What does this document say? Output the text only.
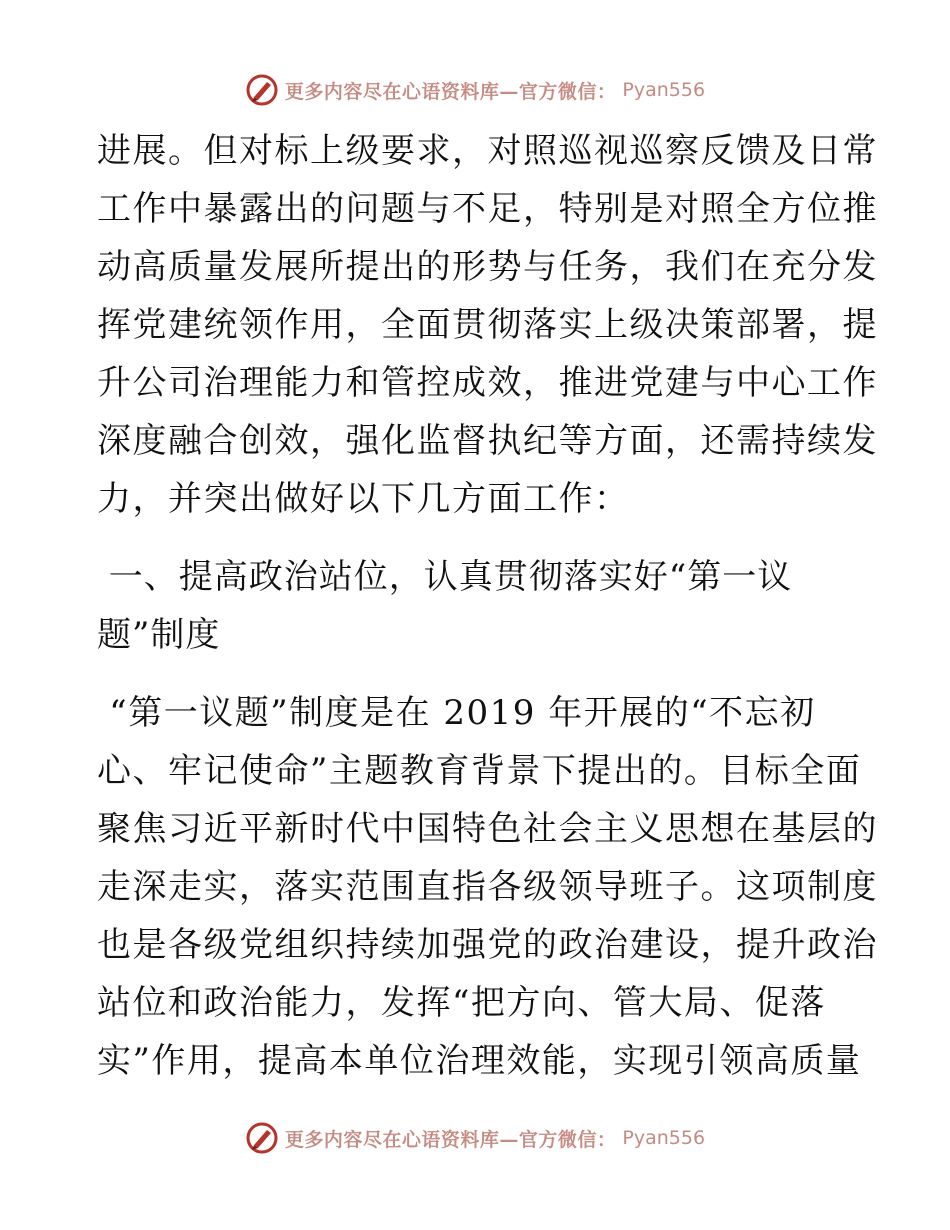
更多内容尽在心语资料库—官方微信： Pyan556
进展。但对标上级要求，对照巡视巡察反馈及日常
工作中暴露出的问题与不足，特别是对照全方位推
动高质量发展所提出的形势与任务，我们在充分发
挥党建统领作用，全面贯彻落实上级决策部署，提
升公司治理能力和管控成效，推进党建与中心工作
深度融合创效，强化监督执纪等方面，还需持续发
力，并突出做好以下几方面工作：
一、提高政治站位，认真贯彻落实好“第一议
题”制度
“第一议题”制度是在 2019 年开展的“不忘初
心、牢记使命”主题教育背景下提出的。目标全面
聚焦习近平新时代中国特色社会主义思想在基层的
走深走实，落实范围直指各级领导班子。这项制度
也是各级党组织持续加强党的政治建设，提升政治
站位和政治能力，发挥“把方向、管大局、促落
实”作用，提高本单位治理效能，实现引领高质量
更多内容尽在心语资料库—官方微信： Pyan556
